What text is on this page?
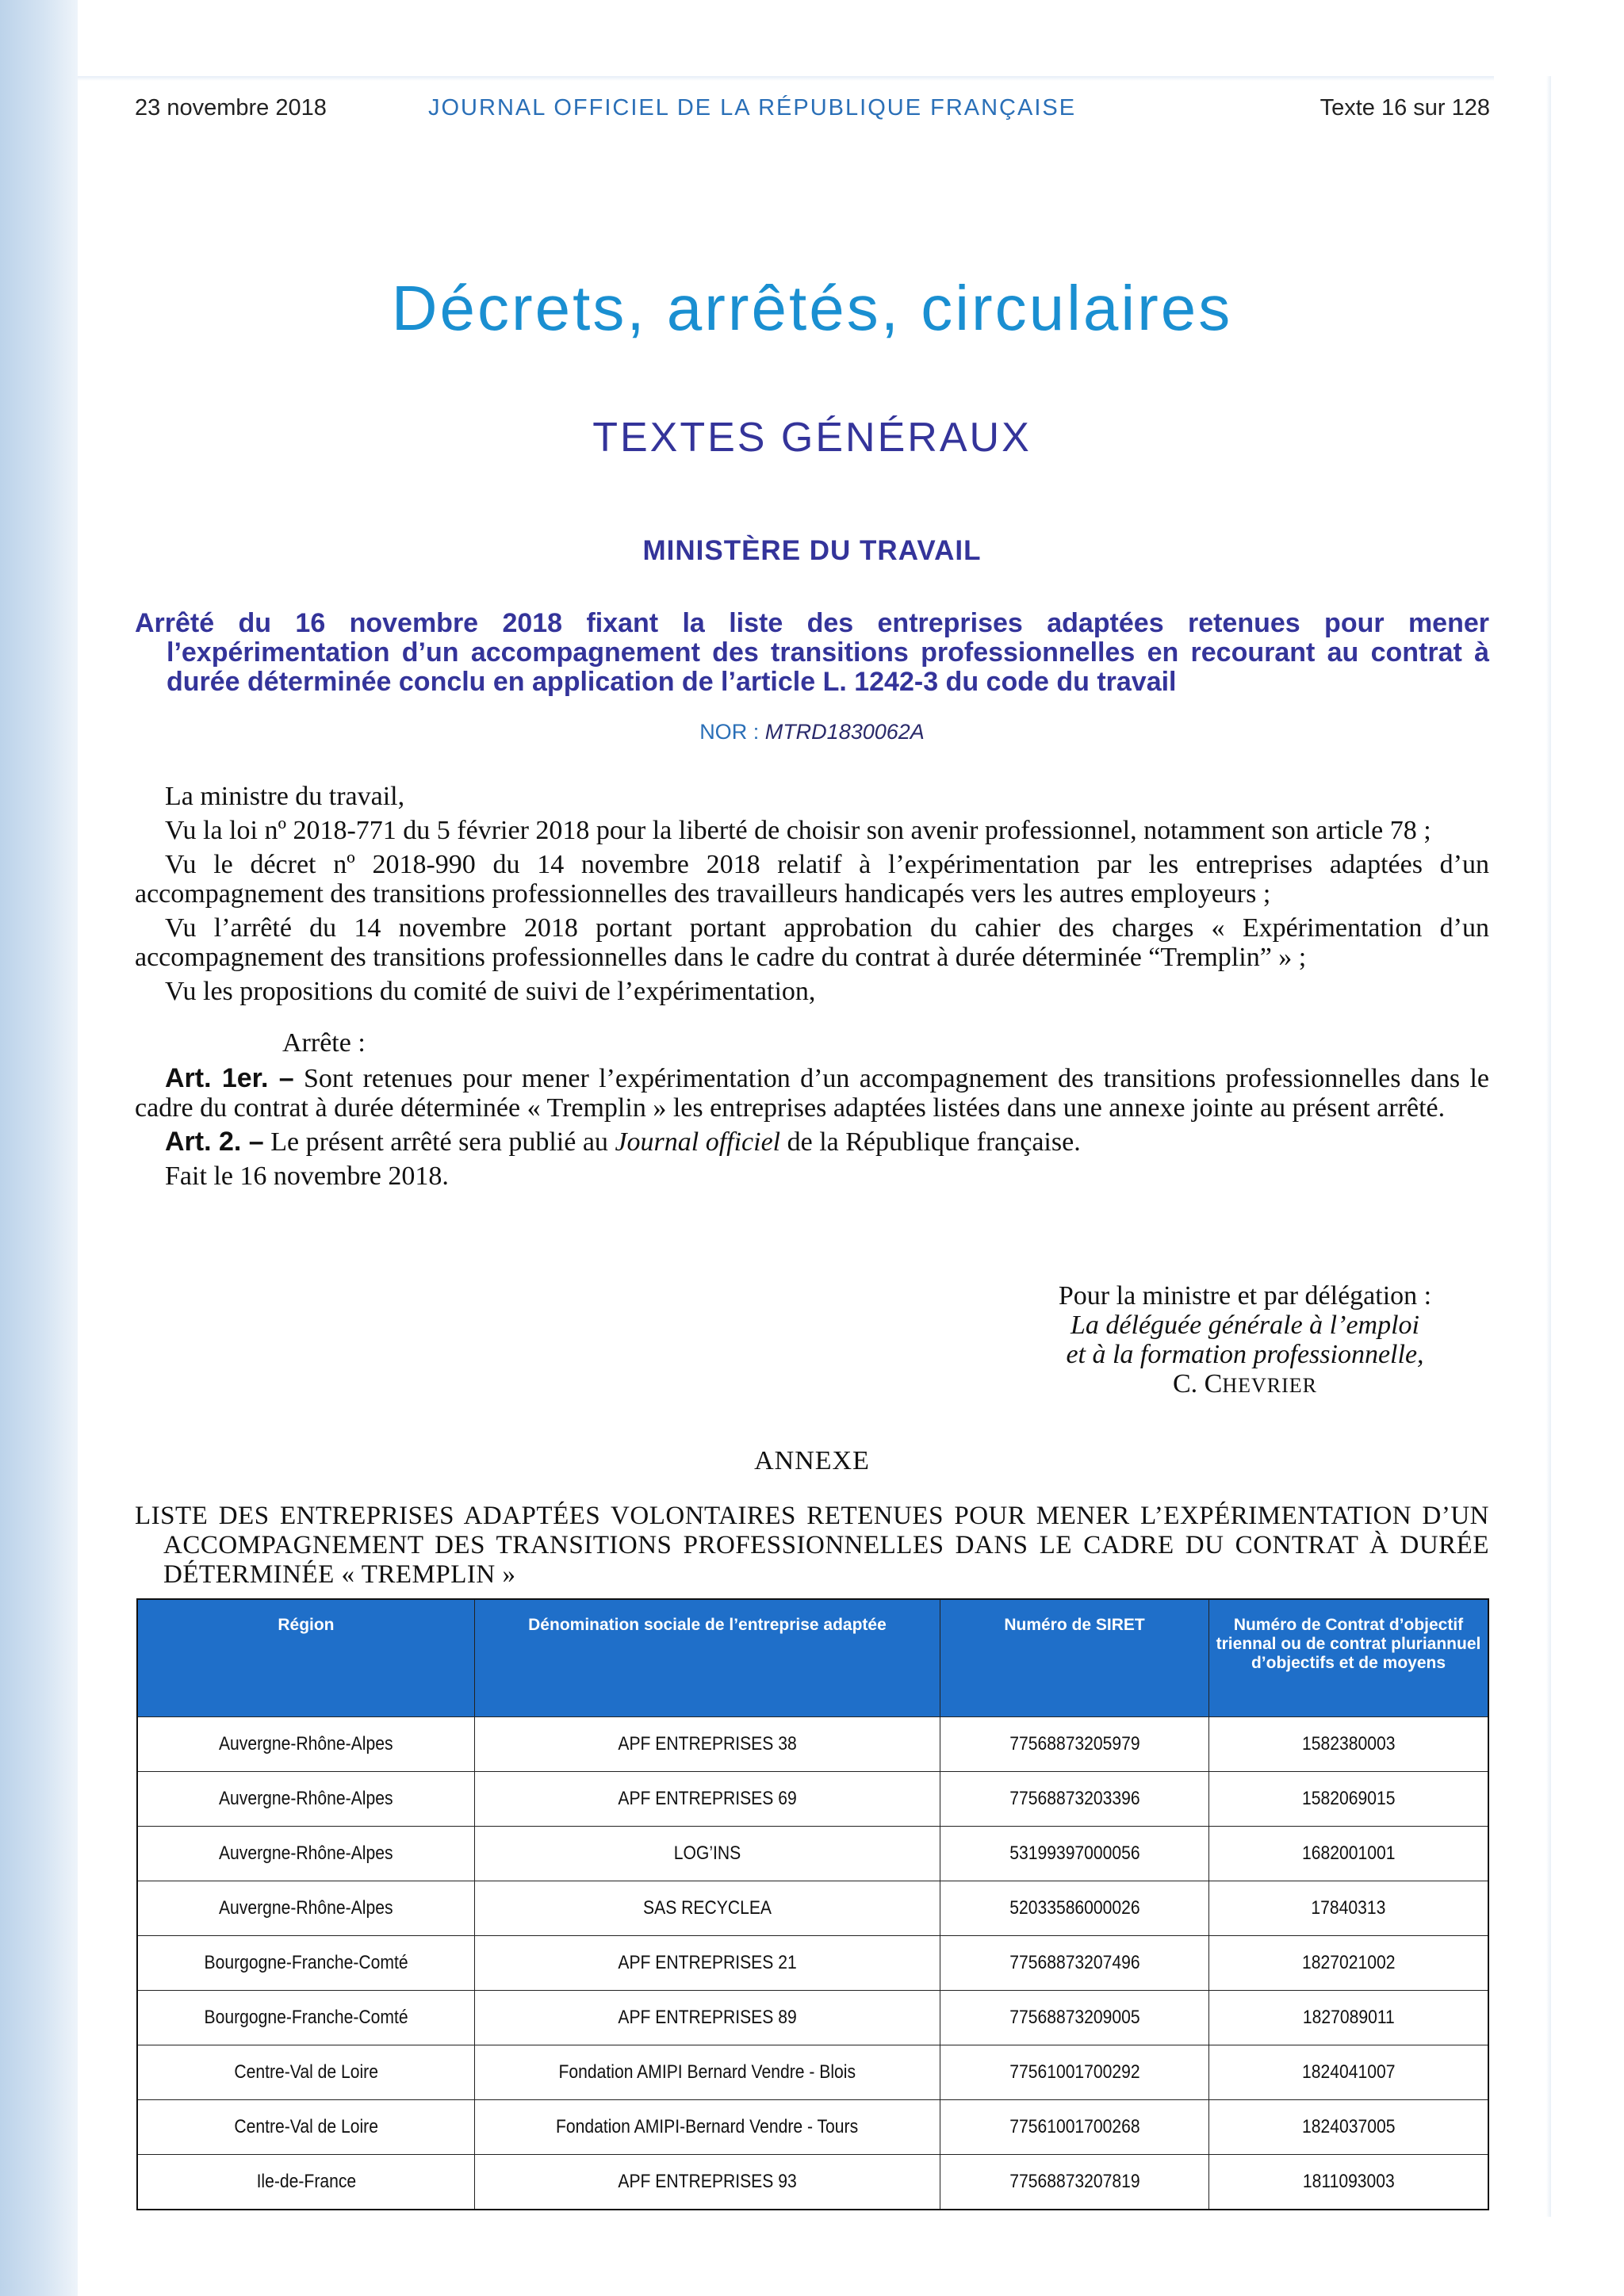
23 novembre 2018	JOURNAL OFFICIEL DE LA RÉPUBLIQUE FRANÇAISE	Texte 16 sur 128
Décrets, arrêtés, circulaires
TEXTES GÉNÉRAUX
MINISTÈRE DU TRAVAIL
Arrêté du 16 novembre 2018 fixant la liste des entreprises adaptées retenues pour mener l’expérimentation d’un accompagnement des transitions professionnelles en recourant au contrat à durée déterminée conclu en application de l’article L. 1242-3 du code du travail
NOR : MTRD1830062A

La ministre du travail,

Vu la loi nº 2018-771 du 5 février 2018 pour la liberté de choisir son avenir professionnel, notamment son article 78 ;

Vu le décret nº 2018-990 du 14 novembre 2018 relatif à l’expérimentation par les entreprises adaptées d’un accompagnement des transitions professionnelles des travailleurs handicapés vers les autres employeurs ;

Vu l’arrêté du 14 novembre 2018 portant portant approbation du cahier des charges « Expérimentation d’un accompagnement des transitions professionnelles dans le cadre du contrat à durée déterminée “Tremplin” » ;

Vu les propositions du comité de suivi de l’expérimentation,

Arrête :

Art. 1er. – Sont retenues pour mener l’expérimentation d’un accompagnement des transitions professionnelles dans le cadre du contrat à durée déterminée « Tremplin » les entreprises adaptées listées dans une annexe jointe au présent arrêté.

Art. 2. – Le présent arrêté sera publié au Journal officiel de la République française.

Fait le 16 novembre 2018.

Pour la ministre et par délégation :
La déléguée générale à l’emploi
et à la formation professionnelle,
C. CHEVRIER
ANNEXE
LISTE DES ENTREPRISES ADAPTÉES VOLONTAIRES RETENUES POUR MENER L’EXPÉRIMENTATION D’UN ACCOMPAGNEMENT DES TRANSITIONS PROFESSIONNELLES DANS LE CADRE DU CONTRAT À DURÉE DÉTERMINÉE « TREMPLIN »
Région	Dénomination sociale de l’entreprise adaptée	Numéro de SIRET	Numéro de Contrat d’objectif triennal ou de contrat pluriannuel d’objectifs et de moyens
Auvergne-Rhône-Alpes	APF ENTREPRISES 38	77568873205979	1582380003
Auvergne-Rhône-Alpes	APF ENTREPRISES 69	77568873203396	1582069015
Auvergne-Rhône-Alpes	LOG’INS	53199397000056	1682001001
Auvergne-Rhône-Alpes	SAS RECYCLEA	52033586000026	17840313
Bourgogne-Franche-Comté	APF ENTREPRISES 21	77568873207496	1827021002
Bourgogne-Franche-Comté	APF ENTREPRISES 89	77568873209005	1827089011
Centre-Val de Loire	Fondation AMIPI Bernard Vendre - Blois	77561001700292	1824041007
Centre-Val de Loire	Fondation AMIPI-Bernard Vendre - Tours	77561001700268	1824037005
Ile-de-France	APF ENTREPRISES 93	77568873207819	1811093003
